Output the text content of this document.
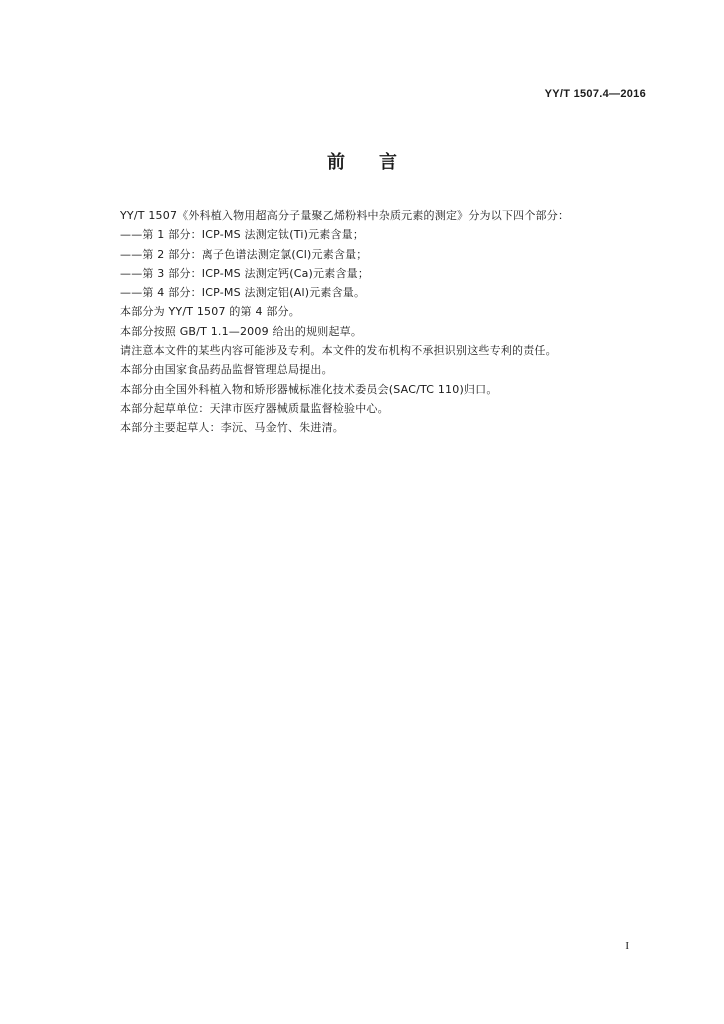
YY/T 1507.4—2016
前言
YY/T 1507《外科植入物用超高分子量聚乙烯粉料中杂质元素的测定》分为以下四个部分：
——第 1 部分：ICP-MS 法测定钛(Ti)元素含量；
——第 2 部分：离子色谱法测定氯(Cl)元素含量；
——第 3 部分：ICP-MS 法测定钙(Ca)元素含量；
——第 4 部分：ICP-MS 法测定铝(Al)元素含量。
本部分为 YY/T 1507 的第 4 部分。
本部分按照 GB/T 1.1—2009 给出的规则起草。
请注意本文件的某些内容可能涉及专利。本文件的发布机构不承担识别这些专利的责任。
本部分由国家食品药品监督管理总局提出。
本部分由全国外科植入物和矫形器械标准化技术委员会(SAC/TC 110)归口。
本部分起草单位：天津市医疗器械质量监督检验中心。
本部分主要起草人：李沅、马金竹、朱进清。
I
